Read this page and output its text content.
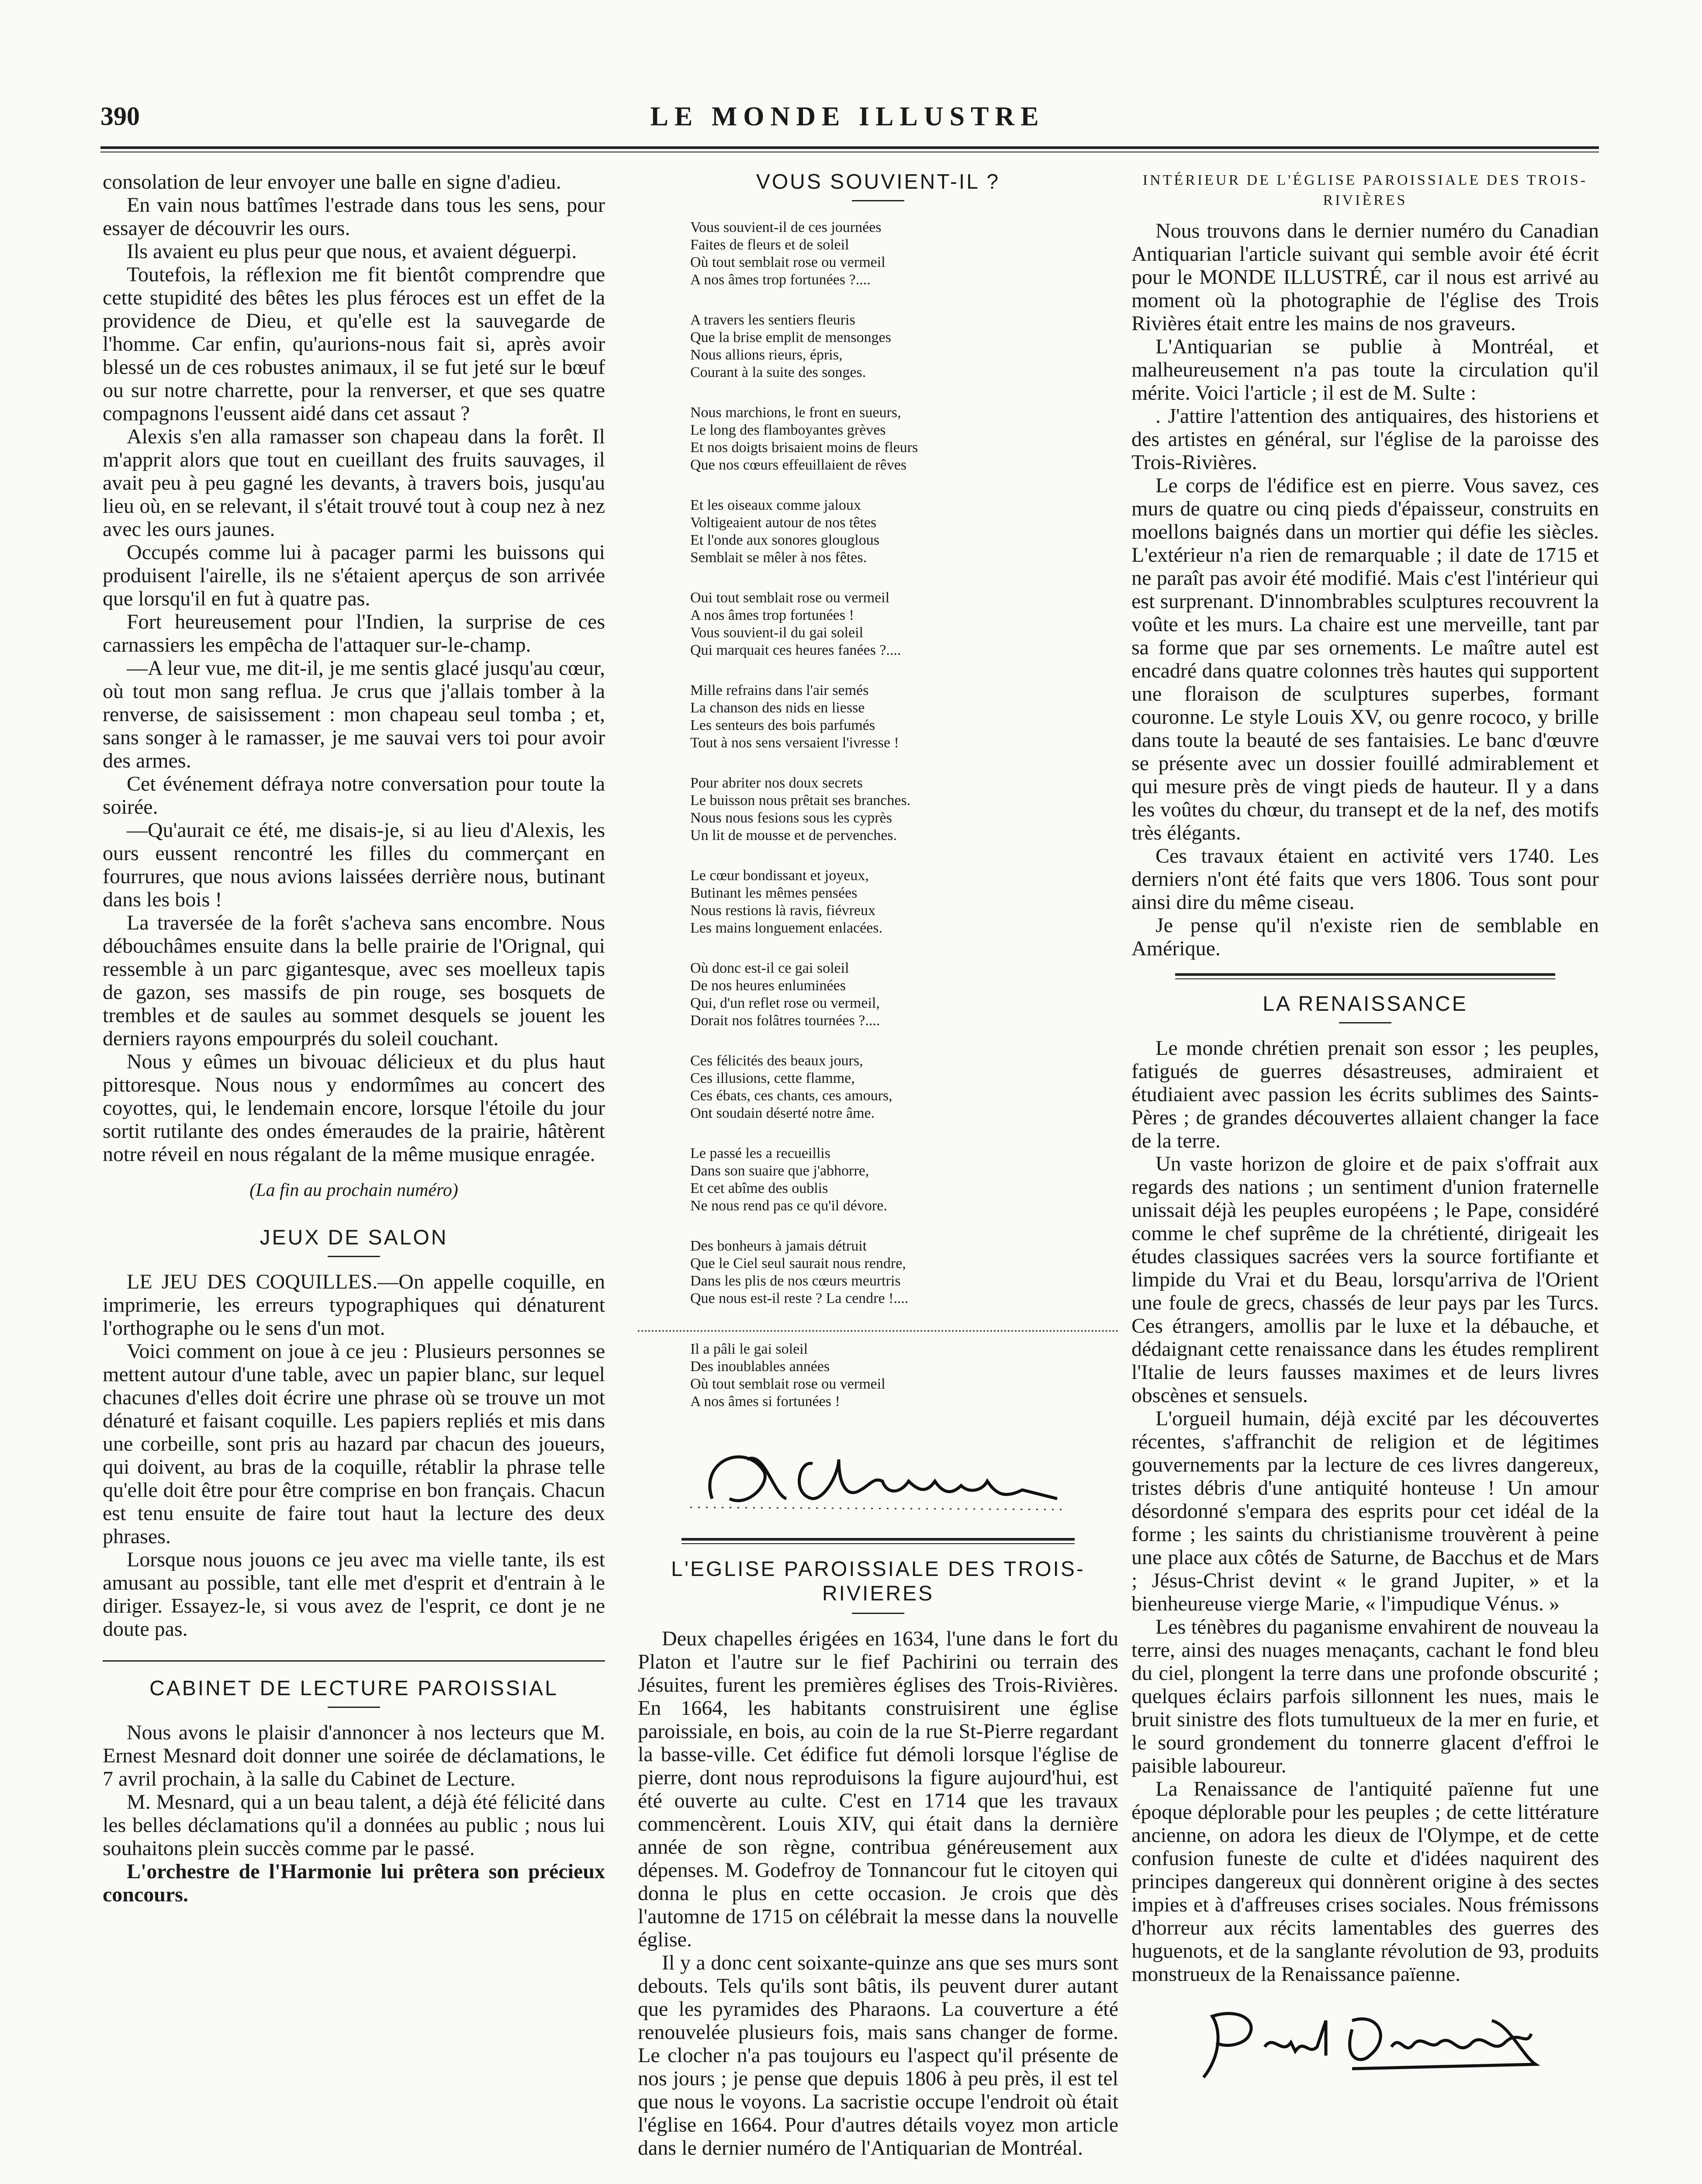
390	LE MONDE ILLUSTRE

consolation de leur envoyer une balle en signe d'adieu.

En vain nous battîmes l'estrade dans tous les sens, pour essayer de découvrir les ours.

Ils avaient eu plus peur que nous, et avaient déguerpi.

Toutefois, la réflexion me fit bientôt comprendre que cette stupidité des bêtes les plus féroces est un effet de la providence de Dieu, et qu'elle est la sauvegarde de l'homme. Car enfin, qu'aurions-nous fait si, après avoir blessé un de ces robustes animaux, il se fut jeté sur le bœuf ou sur notre charrette, pour la renverser, et que ses quatre compagnons l'eussent aidé dans cet assaut ?

Alexis s'en alla ramasser son chapeau dans la forêt. Il m'apprit alors que tout en cueillant des fruits sauvages, il avait peu à peu gagné les devants, à travers bois, jusqu'au lieu où, en se relevant, il s'était trouvé tout à coup nez à nez avec les ours jaunes.

Occupés comme lui à pacager parmi les buissons qui produisent l'airelle, ils ne s'étaient aperçus de son arrivée que lorsqu'il en fut à quatre pas.

Fort heureusement pour l'Indien, la surprise de ces carnassiers les empêcha de l'attaquer sur-le-champ.

—A leur vue, me dit-il, je me sentis glacé jusqu'au cœur, où tout mon sang reflua. Je crus que j'allais tomber à la renverse, de saisissement : mon chapeau seul tomba ; et, sans songer à le ramasser, je me sauvai vers toi pour avoir des armes.

Cet événement défraya notre conversation pour toute la soirée.

—Qu'aurait ce été, me disais-je, si au lieu d'Alexis, les ours eussent rencontré les filles du commerçant en fourrures, que nous avions laissées derrière nous, butinant dans les bois !

La traversée de la forêt s'acheva sans encombre. Nous débouchâmes ensuite dans la belle prairie de l'Orignal, qui ressemble à un parc gigantesque, avec ses moelleux tapis de gazon, ses massifs de pin rouge, ses bosquets de trembles et de saules au sommet desquels se jouent les derniers rayons empourprés du soleil couchant.

Nous y eûmes un bivouac délicieux et du plus haut pittoresque. Nous nous y endormîmes au concert des coyottes, qui, le lendemain encore, lorsque l'étoile du jour sortit rutilante des ondes émeraudes de la prairie, hâtèrent notre réveil en nous régalant de la même musique enragée.

(La fin au prochain numéro)
JEUX DE SALON

LE JEU DES COQUILLES.—On appelle coquille, en imprimerie, les erreurs typographiques qui dénaturent l'orthographe ou le sens d'un mot.

Voici comment on joue à ce jeu : Plusieurs personnes se mettent autour d'une table, avec un papier blanc, sur lequel chacunes d'elles doit écrire une phrase où se trouve un mot dénaturé et faisant coquille. Les papiers repliés et mis dans une corbeille, sont pris au hazard par chacun des joueurs, qui doivent, au bras de la coquille, rétablir la phrase telle qu'elle doit être pour être comprise en bon français. Chacun est tenu ensuite de faire tout haut la lecture des deux phrases.

Lorsque nous jouons ce jeu avec ma vielle tante, ils est amusant au possible, tant elle met d'esprit et d'entrain à le diriger. Essayez-le, si vous avez de l'esprit, ce dont je ne doute pas.

CABINET DE LECTURE PAROISSIAL

Nous avons le plaisir d'annoncer à nos lecteurs que M. Ernest Mesnard doit donner une soirée de déclamations, le 7 avril prochain, à la salle du Cabinet de Lecture.

M. Mesnard, qui a un beau talent, a déjà été félicité dans les belles déclamations qu'il a données au public ; nous lui souhaitons plein succès comme par le passé.

L'orchestre de l'Harmonie lui prêtera son précieux concours.

VOUS SOUVIENT-IL ?
Vous souvient-il de ces journées
Faites de fleurs et de soleil
Où tout semblait rose ou vermeil
A nos âmes trop fortunées ?....
A travers les sentiers fleuris
Que la brise emplit de mensonges
Nous allions rieurs, épris,
Courant à la suite des songes.
Nous marchions, le front en sueurs,
Le long des flamboyantes grèves
Et nos doigts brisaient moins de fleurs
Que nos cœurs effeuillaient de rêves
Et les oiseaux comme jaloux
Voltigeaient autour de nos têtes
Et l'onde aux sonores glouglous
Semblait se mêler à nos fêtes.
Oui tout semblait rose ou vermeil
A nos âmes trop fortunées !
Vous souvient-il du gai soleil
Qui marquait ces heures fanées ?....
Mille refrains dans l'air semés
La chanson des nids en liesse
Les senteurs des bois parfumés
Tout à nos sens versaient l'ivresse !
Pour abriter nos doux secrets
Le buisson nous prêtait ses branches.
Nous nous fesions sous les cyprès
Un lit de mousse et de pervenches.
Le cœur bondissant et joyeux,
Butinant les mêmes pensées
Nous restions là ravis, fiévreux
Les mains longuement enlacées.
Où donc est-il ce gai soleil
De nos heures enluminées
Qui, d'un reflet rose ou vermeil,
Dorait nos folâtres tournées ?....
Ces félicités des beaux jours,
Ces illusions, cette flamme,
Ces ébats, ces chants, ces amours,
Ont soudain déserté notre âme.
Le passé les a recueillis
Dans son suaire que j'abhorre,
Et cet abîme des oublis
Ne nous rend pas ce qu'il dévore.
Des bonheurs à jamais détruit
Que le Ciel seul saurait nous rendre,
Dans les plis de nos cœurs meurtris
Que nous est-il reste ? La cendre !....
Il a pâli le gai soleil
Des inoublables années
Où tout semblait rose ou vermeil
A nos âmes si fortunées !
L'EGLISE PAROISSIALE DES TROIS-RIVIERES

Deux chapelles érigées en 1634, l'une dans le fort du Platon et l'autre sur le fief Pachirini ou terrain des Jésuites, furent les premières églises des Trois-Rivières. En 1664, les habitants construisirent une église paroissiale, en bois, au coin de la rue St-Pierre regardant la basse-ville. Cet édifice fut démoli lorsque l'église de pierre, dont nous reproduisons la figure aujourd'hui, est été ouverte au culte. C'est en 1714 que les travaux commencèrent. Louis XIV, qui était dans la dernière année de son règne, contribua généreusement aux dépenses. M. Godefroy de Tonnancour fut le citoyen qui donna le plus en cette occasion. Je crois que dès l'automne de 1715 on célébrait la messe dans la nouvelle église.

Il y a donc cent soixante-quinze ans que ses murs sont debouts. Tels qu'ils sont bâtis, ils peuvent durer autant que les pyramides des Pharaons. La couverture a été renouvelée plusieurs fois, mais sans changer de forme. Le clocher n'a pas toujours eu l'aspect qu'il présente de nos jours ; je pense que depuis 1806 à peu près, il est tel que nous le voyons. La sacristie occupe l'endroit où était l'église en 1664. Pour d'autres détails voyez mon article dans le dernier numéro de l'Antiquarian de Montréal.

INTÉRIEUR DE L'ÉGLISE PAROISSIALE DES TROIS-RIVIÈRES

Nous trouvons dans le dernier numéro du Canadian Antiquarian l'article suivant qui semble avoir été écrit pour le MONDE ILLUSTRÉ, car il nous est arrivé au moment où la photographie de l'église des Trois Rivières était entre les mains de nos graveurs.

L'Antiquarian se publie à Montréal, et malheureusement n'a pas toute la circulation qu'il mérite. Voici l'article ; il est de M. Sulte :

. J'attire l'attention des antiquaires, des historiens et des artistes en général, sur l'église de la paroisse des Trois-Rivières.

Le corps de l'édifice est en pierre. Vous savez, ces murs de quatre ou cinq pieds d'épaisseur, construits en moellons baignés dans un mortier qui défie les siècles. L'extérieur n'a rien de remarquable ; il date de 1715 et ne paraît pas avoir été modifié. Mais c'est l'intérieur qui est surprenant. D'innombrables sculptures recouvrent la voûte et les murs. La chaire est une merveille, tant par sa forme que par ses ornements. Le maître autel est encadré dans quatre colonnes très hautes qui supportent une floraison de sculptures superbes, formant couronne. Le style Louis XV, ou genre rococo, y brille dans toute la beauté de ses fantaisies. Le banc d'œuvre se présente avec un dossier fouillé admirablement et qui mesure près de vingt pieds de hauteur. Il y a dans les voûtes du chœur, du transept et de la nef, des motifs très élégants.

Ces travaux étaient en activité vers 1740. Les derniers n'ont été faits que vers 1806. Tous sont pour ainsi dire du même ciseau.

Je pense qu'il n'existe rien de semblable en Amérique.

LA RENAISSANCE

Le monde chrétien prenait son essor ; les peuples, fatigués de guerres désastreuses, admiraient et étudiaient avec passion les écrits sublimes des Saints-Pères ; de grandes découvertes allaient changer la face de la terre.

Un vaste horizon de gloire et de paix s'offrait aux regards des nations ; un sentiment d'union fraternelle unissait déjà les peuples européens ; le Pape, considéré comme le chef suprême de la chrétienté, dirigeait les études classiques sacrées vers la source fortifiante et limpide du Vrai et du Beau, lorsqu'arriva de l'Orient une foule de grecs, chassés de leur pays par les Turcs. Ces étrangers, amollis par le luxe et la débauche, et dédaignant cette renaissance dans les études remplirent l'Italie de leurs fausses maximes et de leurs livres obscènes et sensuels.

L'orgueil humain, déjà excité par les découvertes récentes, s'affranchit de religion et de légitimes gouvernements par la lecture de ces livres dangereux, tristes débris d'une antiquité honteuse ! Un amour désordonné s'empara des esprits pour cet idéal de la forme ; les saints du christianisme trouvèrent à peine une place aux côtés de Saturne, de Bacchus et de Mars ; Jésus-Christ devint « le grand Jupiter, » et la bienheureuse vierge Marie, « l'impudique Vénus. »

Les ténèbres du paganisme envahirent de nouveau la terre, ainsi des nuages menaçants, cachant le fond bleu du ciel, plongent la terre dans une profonde obscurité ; quelques éclairs parfois sillonnent les nues, mais le bruit sinistre des flots tumultueux de la mer en furie, et le sourd grondement du tonnerre glacent d'effroi le paisible laboureur.

La Renaissance de l'antiquité païenne fut une époque déplorable pour les peuples ; de cette littérature ancienne, on adora les dieux de l'Olympe, et de cette confusion funeste de culte et d'idées naquirent des principes dangereux qui donnèrent origine à des sectes impies et à d'affreuses crises sociales. Nous frémissons d'horreur aux récits lamentables des guerres des huguenots, et de la sanglante révolution de 93, produits monstrueux de la Renaissance païenne.
